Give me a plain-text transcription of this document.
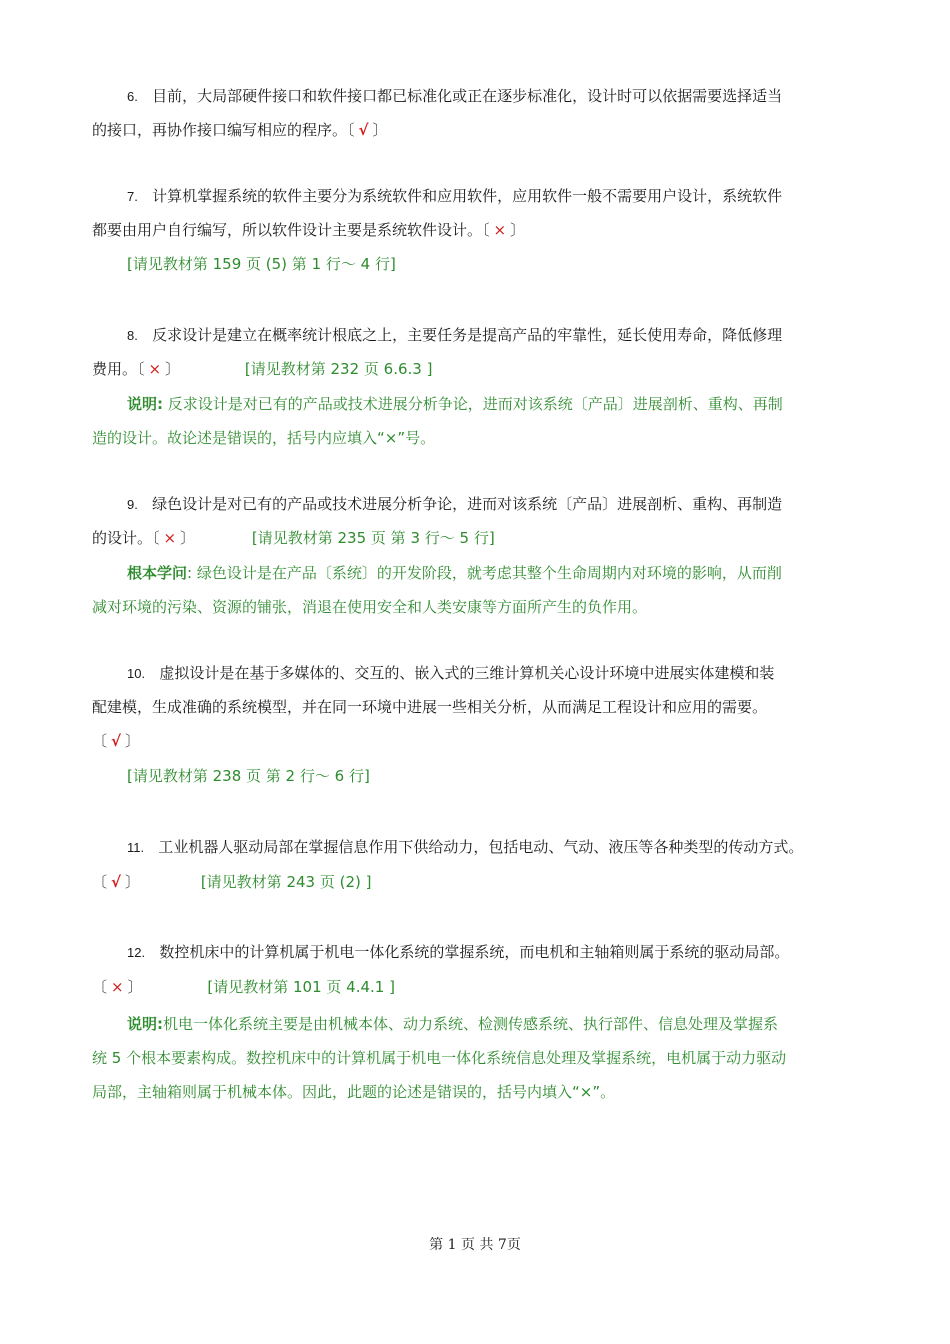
6. 目前，大局部硬件接口和软件接口都已标准化或正在逐步标准化，设计时可以依据需要选择适当
的接口，再协作接口编写相应的程序。〔 √ 〕
7. 计算机掌握系统的软件主要分为系统软件和应用软件，应用软件一般不需要用户设计，系统软件
都要由用户自行编写，所以软件设计主要是系统软件设计。〔 × 〕
[请见教材第 159 页 (5) 第 1 行～ 4 行]
8. 反求设计是建立在概率统计根底之上，主要任务是提高产品的牢靠性，延长使用寿命，降低修理
费用。〔 × 〕	[请见教材第 232 页 6.6.3 ]
说明: 反求设计是对已有的产品或技术进展分析争论，进而对该系统〔产品〕进展剖析、重构、再制
造的设计。故论述是错误的，括号内应填入“×”号。
9. 绿色设计是对已有的产品或技术进展分析争论，进而对该系统〔产品〕进展剖析、重构、再制造
的设计。〔 × 〕	[请见教材第 235 页 第 3 行～ 5 行]
根本学问: 绿色设计是在产品〔系统〕的开发阶段，就考虑其整个生命周期内对环境的影响，从而削
减对环境的污染、资源的铺张，消退在使用安全和人类安康等方面所产生的负作用。
10. 虚拟设计是在基于多媒体的、交互的、嵌入式的三维计算机关心设计环境中进展实体建模和装
配建模，生成准确的系统模型，并在同一环境中进展一些相关分析，从而满足工程设计和应用的需要。
〔 √ 〕
[请见教材第 238 页 第 2 行～ 6 行]
11. 工业机器人驱动局部在掌握信息作用下供给动力，包括电动、气动、液压等各种类型的传动方式。
〔 √ 〕	[请见教材第 243 页 (2) ]
12. 数控机床中的计算机属于机电一体化系统的掌握系统，而电机和主轴箱则属于系统的驱动局部。
〔 × 〕	[请见教材第 101 页 4.4.1 ]
说明:机电一体化系统主要是由机械本体、动力系统、检测传感系统、执行部件、信息处理及掌握系
统 5 个根本要素构成。数控机床中的计算机属于机电一体化系统信息处理及掌握系统，电机属于动力驱动
局部，主轴箱则属于机械本体。因此，此题的论述是错误的，括号内填入“×”。
第 1 页 共 7页
